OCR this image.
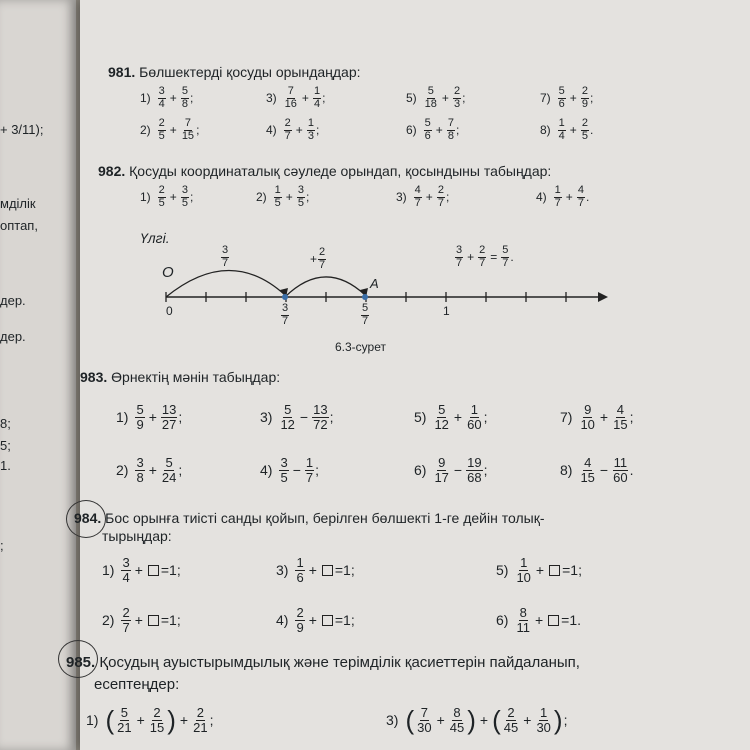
+ 3/11);
мділік
оптап,
дер.
дер.
8;
5;
1.
;
981. Бөлшектерді қосуды орындаңдар:
982. Қосуды координаталық сәуледе орындап, қосындыны табыңдар:
Үлгі.
$\frac{3}{7}$	+ $\frac{2}{7}$	$\frac{3}{7} + \frac{2}{7} = \frac{5}{7}$ .
O
A
0	$\frac{3}{7}$	$\frac{5}{7}$	1
6.3-сурет
983. Өрнектің мәнін табыңдар:
984. Бос орынға тиісті санды қойып, берілген бөлшекті 1-ге дейін толық-
тырыңдар:
985. Қосудың ауыстырымдылық және терімділік қасиеттерін пайдаланып,
есептеңдер:
1) ( $\frac{5}{21} + \frac{2}{15}$ ) + $\frac{2}{21}$ ;	3) ( $\frac{7}{30} + \frac{8}{45}$ ) + ( $\frac{2}{45} + \frac{1}{30}$ ) ;
$1) \frac{3}{4} + \frac{5}{8}$ ;	$3) \frac{7}{16} + \frac{1}{4}$ ;	$5) \frac{5}{18} + \frac{2}{3}$ ;	$7) \frac{5}{6} + \frac{2}{9}$ ;
$2) \frac{2}{5} + \frac{7}{15}$ ;	$4) \frac{2}{7} + \frac{1}{3}$ ;	$6) \frac{5}{6} + \frac{7}{8}$ ;	$8) \frac{1}{4} + \frac{2}{5}$ .
$1) \frac{2}{5} + \frac{3}{5}$ ;	$2) \frac{1}{5} + \frac{3}{5}$ ;	$3) \frac{4}{7} + \frac{2}{7}$ ;	$4) \frac{1}{7} + \frac{4}{7}$ .
$1) \frac{5}{9} + \frac{13}{27}$ ;	$3) \frac{5}{12} - \frac{13}{72}$ ;	$5) \frac{5}{12} + \frac{1}{60}$ ;	$7) \frac{9}{10} + \frac{4}{15}$ ;
$2) \frac{3}{8} + \frac{5}{24}$ ;	$4) \frac{3}{5} - \frac{1}{7}$ ;	$6) \frac{9}{17} - \frac{19}{68}$ ;	$8) \frac{4}{15} - \frac{11}{60}$ .
$1) \frac{3}{4} + =1$;	$3) \frac{1}{6} + =1$;	$5) \frac{1}{10} + =1$;
$2) \frac{2}{7} + =1$;	$4) \frac{2}{9} + =1$;	$6) \frac{8}{11} + =1$.
